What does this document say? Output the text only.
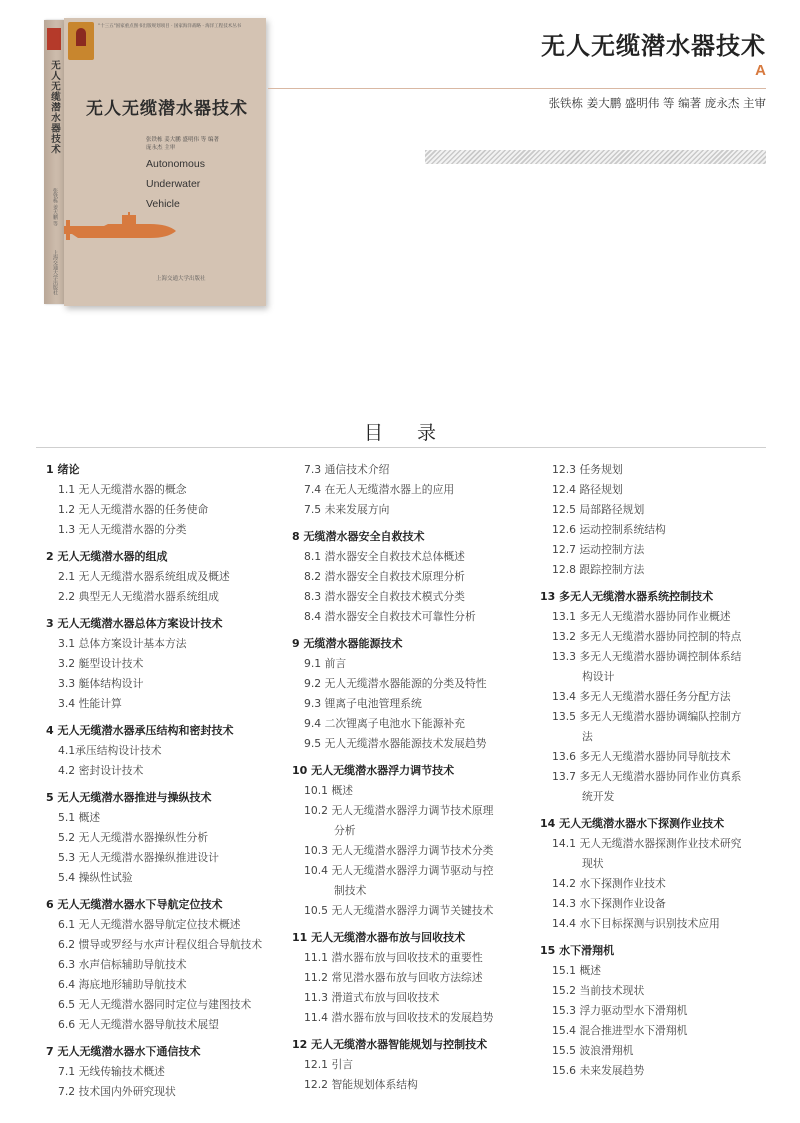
无人无缆潜水器技术
张铁栋 姜大鹏 等
上海交通大学出版社
"十三五"国家重点图书出版规划项目 · 国家海洋战略 · 海洋工程技术丛书
无人无缆潜水器技术
张铁栋 姜大鹏 盛明伟 等 编著
庞永杰 主审
Autonomous
Underwater
Vehicle
上海交通大学出版社
无人无缆潜水器技术
A
张铁栋 姜大鹏 盛明伟 等 编著 庞永杰 主审
目 录
1 绪论
1.1 无人无缆潜水器的概念
1.2 无人无缆潜水器的任务使命
1.3 无人无缆潜水器的分类
2 无人无缆潜水器的组成
2.1 无人无缆潜水器系统组成及概述
2.2 典型无人无缆潜水器系统组成
3 无人无缆潜水器总体方案设计技术
3.1 总体方案设计基本方法
3.2 艇型设计技术
3.3 艇体结构设计
3.4 性能计算
4 无人无缆潜水器承压结构和密封技术
4.1承压结构设计技术
4.2 密封设计技术
5 无人无缆潜水器推进与操纵技术
5.1 概述
5.2 无人无缆潜水器操纵性分析
5.3 无人无缆潜水器操纵推进设计
5.4 操纵性试验
6 无人无缆潜水器水下导航定位技术
6.1 无人无缆潜水器导航定位技术概述
6.2 惯导或罗经与水声计程仪组合导航技术
6.3 水声信标辅助导航技术
6.4 海底地形辅助导航技术
6.5 无人无缆潜水器同时定位与建图技术
6.6 无人无缆潜水器导航技术展望
7 无人无缆潜水器水下通信技术
7.1 无线传输技术概述
7.2 技术国内外研究现状
7.3 通信技术介绍
7.4 在无人无缆潜水器上的应用
7.5 未来发展方向
8 无缆潜水器安全自救技术
8.1 潜水器安全自救技术总体概述
8.2 潜水器安全自救技术原理分析
8.3 潜水器安全自救技术模式分类
8.4 潜水器安全自救技术可靠性分析
9 无缆潜水器能源技术
9.1 前言
9.2 无人无缆潜水器能源的分类及特性
9.3 锂离子电池管理系统
9.4 二次锂离子电池水下能源补充
9.5 无人无缆潜水器能源技术发展趋势
10 无人无缆潜水器浮力调节技术
10.1 概述
10.2 无人无缆潜水器浮力调节技术原理
分析
10.3 无人无缆潜水器浮力调节技术分类
10.4 无人无缆潜水器浮力调节驱动与控
制技术
10.5 无人无缆潜水器浮力调节关键技术
11 无人无缆潜水器布放与回收技术
11.1 潜水器布放与回收技术的重要性
11.2 常见潜水器布放与回收方法综述
11.3 滑道式布放与回收技术
11.4 潜水器布放与回收技术的发展趋势
12 无人无缆潜水器智能规划与控制技术
12.1 引言
12.2 智能规划体系结构
12.3 任务规划
12.4 路径规划
12.5 局部路径规划
12.6 运动控制系统结构
12.7 运动控制方法
12.8 跟踪控制方法
13 多无人无缆潜水器系统控制技术
13.1 多无人无缆潜水器协同作业概述
13.2 多无人无缆潜水器协同控制的特点
13.3 多无人无缆潜水器协调控制体系结
构设计
13.4 多无人无缆潜水器任务分配方法
13.5 多无人无缆潜水器协调编队控制方
法
13.6 多无人无缆潜水器协同导航技术
13.7 多无人无缆潜水器协同作业仿真系
统开发
14 无人无缆潜水器水下探测作业技术
14.1 无人无缆潜水器探测作业技术研究
现状
14.2 水下探测作业技术
14.3 水下探测作业设备
14.4 水下目标探测与识别技术应用
15 水下滑翔机
15.1 概述
15.2 当前技术现状
15.3 浮力驱动型水下滑翔机
15.4 混合推进型水下滑翔机
15.5 波浪滑翔机
15.6 未来发展趋势
